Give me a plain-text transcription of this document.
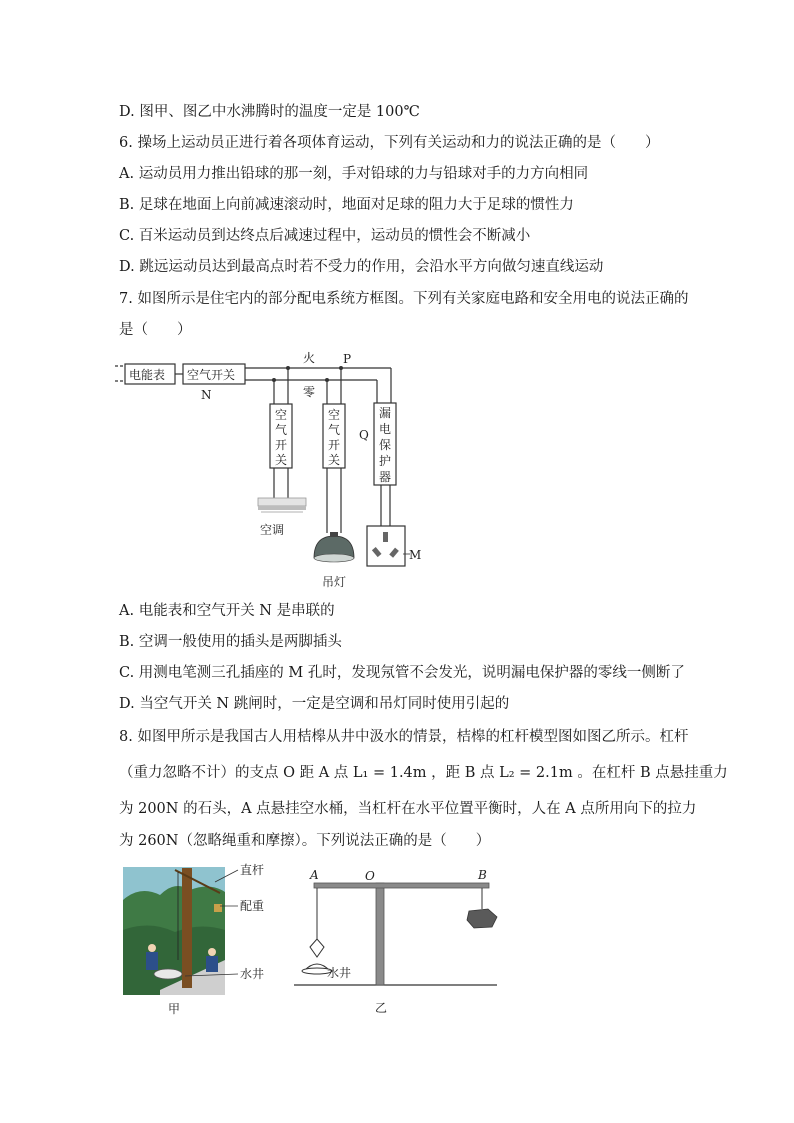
D. 图甲、图乙中水沸腾时的温度一定是 100℃
6. 操场上运动员正进行着各项体育运动，下列有关运动和力的说法正确的是（　　）
A. 运动员用力推出铅球的那一刻，手对铅球的力与铅球对手的力方向相同
B. 足球在地面上向前减速滚动时，地面对足球的阻力大于足球的惯性力
C. 百米运动员到达终点后减速过程中，运动员的惯性会不断减小
D. 跳远运动员达到最高点时若不受力的作用，会沿水平方向做匀速直线运动
7. 如图所示是住宅内的部分配电系统方框图。下列有关家庭电路和安全用电的说法正确的
是（　　）
电能表 空气开关
N
火 P
零
Q
M
空调
吊灯
空
气
开
关
空
气
开
关
漏
电
保
护
器
A. 电能表和空气开关 N 是串联的
B. 空调一般使用的插头是两脚插头
C. 用测电笔测三孔插座的 M 孔时，发现氖管不会发光，说明漏电保护器的零线一侧断了
D. 当空气开关 N 跳闸时，一定是空调和吊灯同时使用引起的
8. 如图甲所示是我国古人用桔槔从井中汲水的情景，桔槔的杠杆模型图如图乙所示。杠杆
（重力忽略不计）的支点 O 距 A 点 L₁ = 1.4m ，距 B 点 L₂ = 2.1m 。在杠杆 B 点悬挂重力
为 200N 的石头，A 点悬挂空水桶，当杠杆在水平位置平衡时，人在 A 点所用向下的拉力
为 260N（忽略绳重和摩擦）。下列说法正确的是（　　）
直杆
配重
水井
甲
A	O	B
水井
乙
